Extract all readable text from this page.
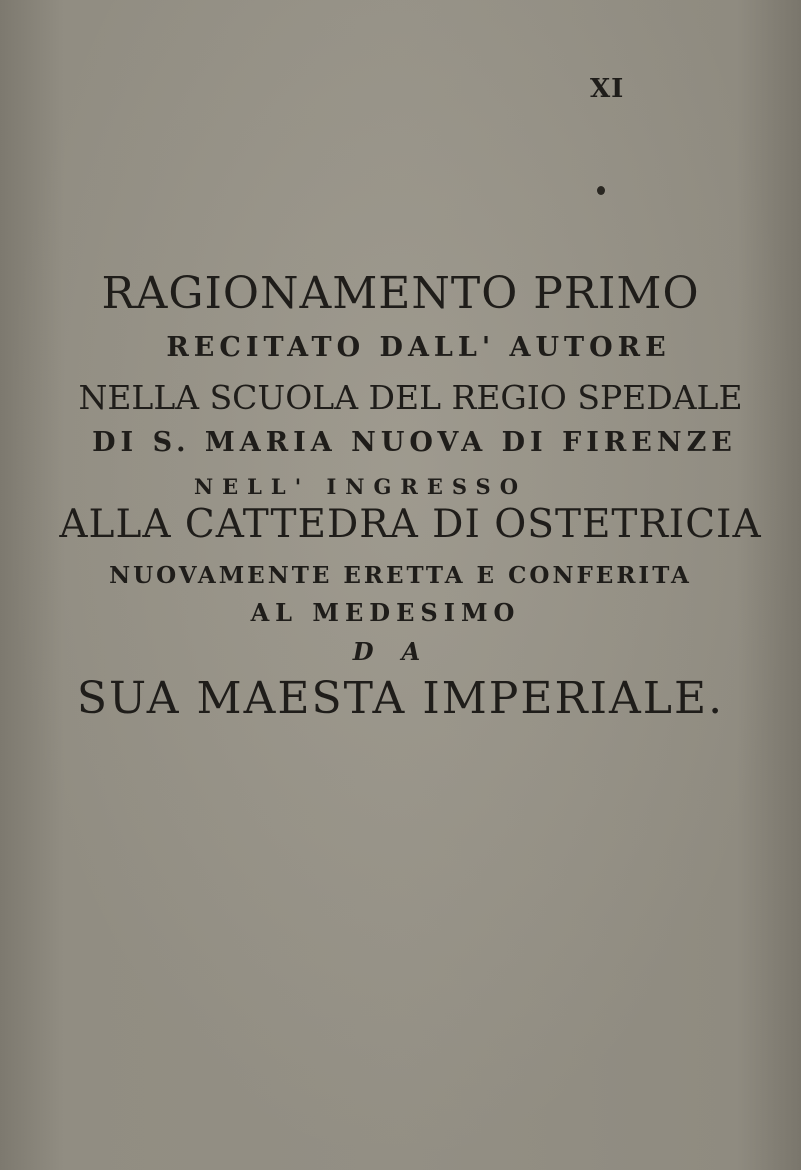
XI
RAGIONAMENTO PRIMO
RECITATO DALL' AUTORE
NELLA SCUOLA DEL REGIO SPEDALE
DI S. MARIA NUOVA DI FIRENZE
NELL' INGRESSO
ALLA CATTEDRA DI OSTETRICIA
NUOVAMENTE ERETTA E CONFERITA
AL MEDESIMO
DA
SUA MAESTA IMPERIALE.
